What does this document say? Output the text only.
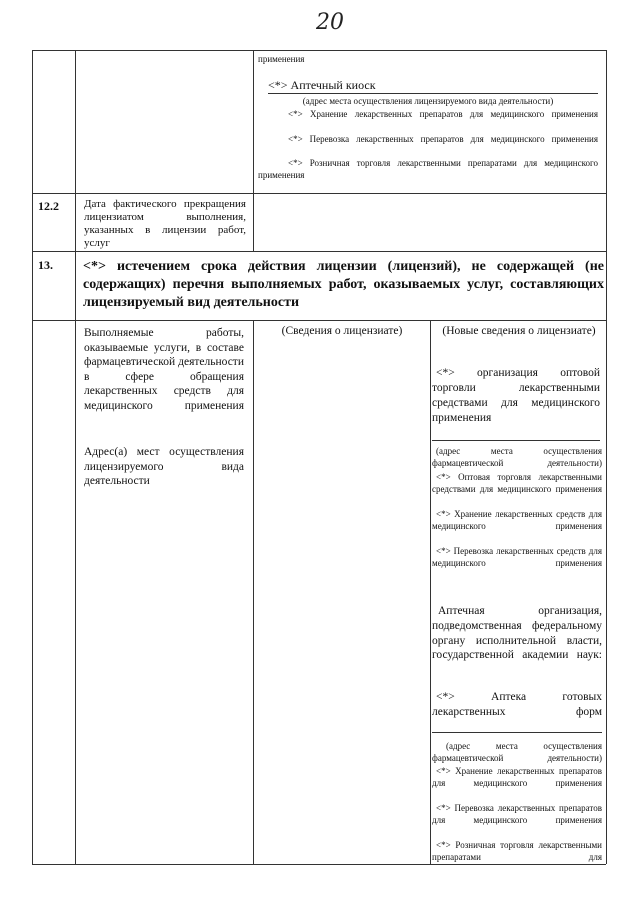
20
применения
<*> Аптечный киоск
(адрес места осуществления лицензируемого вида деятельности)
<*> Хранение лекарственных препаратов для медицинского применения
<*> Перевозка лекарственных препаратов для медицинского применения
<*> Розничная торговля лекарственными препаратами для медицинского применения
12.2 Дата фактического прекращения лицензиатом выполнения, указанных в лицензии работ, услуг
13. <*> истечением срока действия лицензии (лицензий), не содержащей (не содержащих) перечня выполняемых работ, оказываемых услуг, составляющих лицензируемый вид деятельности
Выполняемые работы, оказываемые услуги, в составе фармацевтической деятельности в сфере обращения лекарственных средств для медицинского применения
Адрес(а) мест осуществления лицензируемого вида деятельности
(Сведения о лицензиате)	(Новые сведения о лицензиате)
<*> организация оптовой торговли лекарственными средствами для медицинского применения
(адрес места осуществления фармацевтической деятельности)
<*> Оптовая торговля лекарственными средствами для медицинского применения
<*> Хранение лекарственных средств для медицинского применения
<*> Перевозка лекарственных средств для медицинского применения
Аптечная организация, подведомственная федеральному органу исполнительной власти, государственной академии наук:
<*> Аптека готовых лекарственных форм
(адрес места осуществления фармацевтической деятельности)
<*> Хранение лекарственных препаратов для медицинского применения
<*> Перевозка лекарственных препаратов для медицинского применения
<*> Розничная торговля лекарственными препаратами для
